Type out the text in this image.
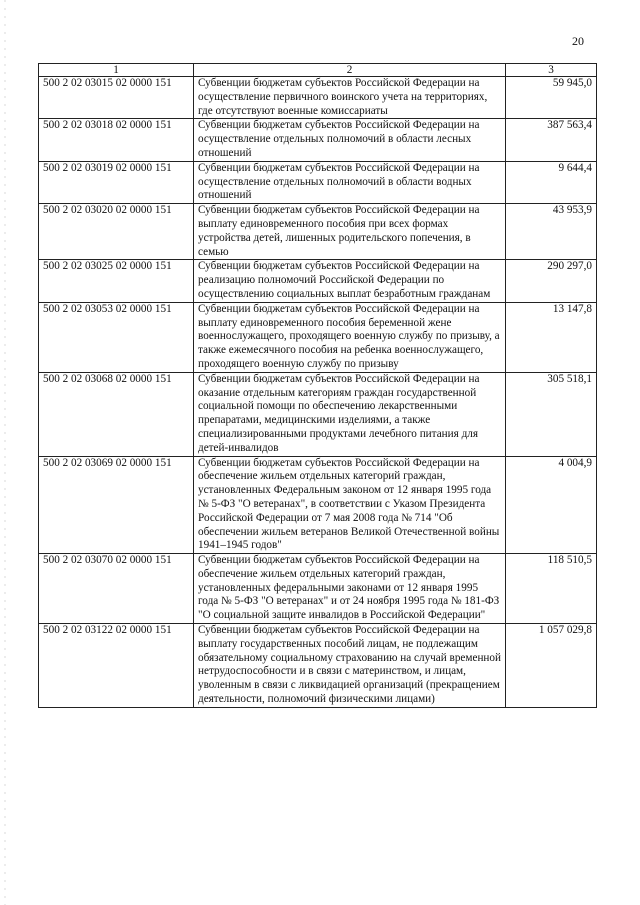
20
1	2	3
500 2 02 03015 02 0000 151	Субвенции бюджетам субъектов Российской Федерации на осуществление первичного воинского учета на территориях, где отсутствуют военные комиссариаты	59 945,0
500 2 02 03018 02 0000 151	Субвенции бюджетам субъектов Российской Федерации на осуществление отдельных полномочий в области лесных отношений	387 563,4
500 2 02 03019 02 0000 151	Субвенции бюджетам субъектов Российской Федерации на осуществление отдельных полномочий в области водных отношений	9 644,4
500 2 02 03020 02 0000 151	Субвенции бюджетам субъектов Российской Федерации на выплату единовременного пособия при всех формах устройства детей, лишенных родительского попечения, в семью	43 953,9
500 2 02 03025 02 0000 151	Субвенции бюджетам субъектов Российской Федерации на реализацию полномочий Российской Федерации по осуществлению социальных выплат безработным гражданам	290 297,0
500 2 02 03053 02 0000 151	Субвенции бюджетам субъектов Российской Федерации на выплату единовременного пособия беременной жене военнослужащего, проходящего военную службу по призыву, а также ежемесячного пособия на ребенка военнослужащего, проходящего военную службу по призыву	13 147,8
500 2 02 03068 02 0000 151	Субвенции бюджетам субъектов Российской Федерации на оказание отдельным категориям граждан государственной социальной помощи по обеспечению лекарственными препаратами, медицинскими изделиями, а также специализированными продуктами лечебного питания для детей-инвалидов	305 518,1
500 2 02 03069 02 0000 151	Субвенции бюджетам субъектов Российской Федерации на обеспечение жильем отдельных категорий граждан, установленных Федеральным законом от 12 января 1995 года № 5-ФЗ "О ветеранах", в соответствии с Указом Президента Российской Федерации от 7 мая 2008 года № 714 "Об обеспечении жильем ветеранов Великой Отечественной войны 1941–1945 годов"	4 004,9
500 2 02 03070 02 0000 151	Субвенции бюджетам субъектов Российской Федерации на обеспечение жильем отдельных категорий граждан, установленных федеральными законами от 12 января 1995 года № 5-ФЗ "О ветеранах" и от 24 ноября 1995 года № 181-ФЗ "О социальной защите инвалидов в Российской Федерации"	118 510,5
500 2 02 03122 02 0000 151	Субвенции бюджетам субъектов Российской Федерации на выплату государственных пособий лицам, не подлежащим обязательному социальному страхованию на случай временной нетрудоспособности и в связи с материнством, и лицам, уволенным в связи с ликвидацией организаций (прекращением деятельности, полномочий физическими лицами)	1 057 029,8
